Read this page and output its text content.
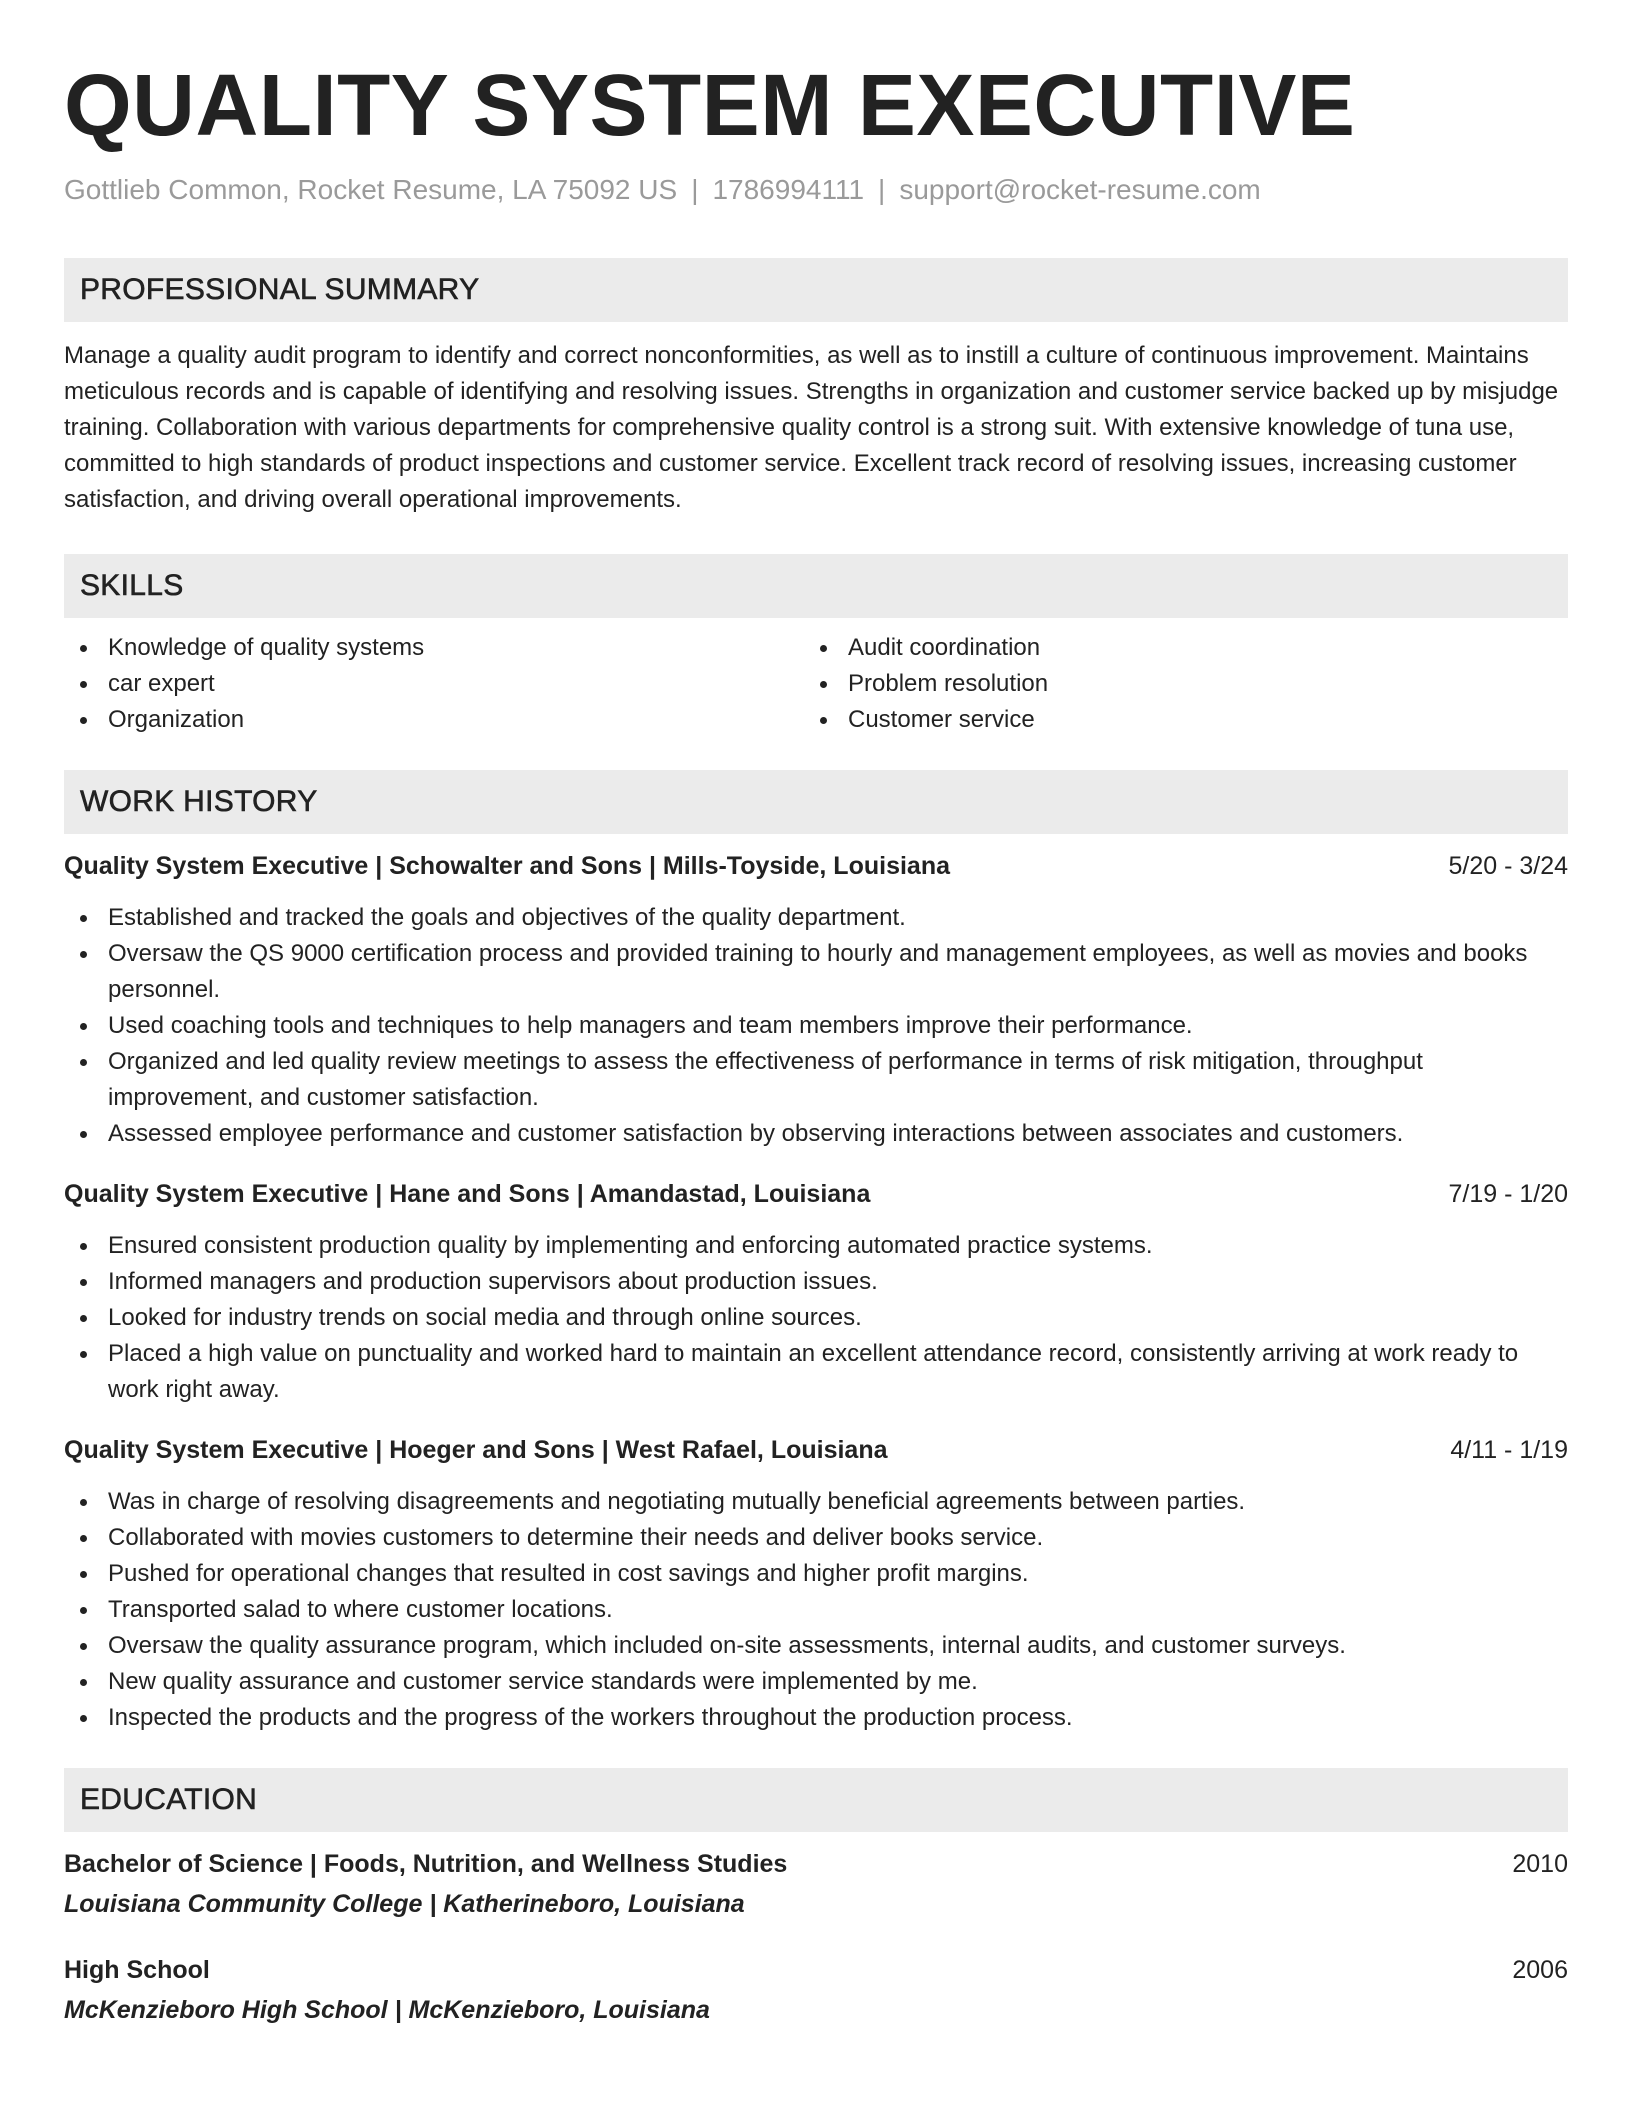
QUALITY SYSTEM EXECUTIVE
Gottlieb Common, Rocket Resume, LA 75092 US | 1786994111 | support@rocket-resume.com
PROFESSIONAL SUMMARY

Manage a quality audit program to identify and correct nonconformities, as well as to instill a culture of continuous improvement. Maintains meticulous records and is capable of identifying and resolving issues. Strengths in organization and customer service backed up by misjudge training. Collaboration with various departments for comprehensive quality control is a strong suit. With extensive knowledge of tuna use, committed to high standards of product inspections and customer service. Excellent track record of resolving issues, increasing customer satisfaction, and driving overall operational improvements.

SKILLS
Knowledge of quality systems
car expert
Organization
Audit coordination
Problem resolution
Customer service
WORK HISTORY
Quality System Executive | Schowalter and Sons | Mills-Toyside, Louisiana	5/20 - 3/24
Established and tracked the goals and objectives of the quality department.
Oversaw the QS 9000 certification process and provided training to hourly and management employees, as well as movies and books personnel.
Used coaching tools and techniques to help managers and team members improve their performance.
Organized and led quality review meetings to assess the effectiveness of performance in terms of risk mitigation, throughput improvement, and customer satisfaction.
Assessed employee performance and customer satisfaction by observing interactions between associates and customers.
Quality System Executive | Hane and Sons | Amandastad, Louisiana	7/19 - 1/20
Ensured consistent production quality by implementing and enforcing automated practice systems.
Informed managers and production supervisors about production issues.
Looked for industry trends on social media and through online sources.
Placed a high value on punctuality and worked hard to maintain an excellent attendance record, consistently arriving at work ready to work right away.
Quality System Executive | Hoeger and Sons | West Rafael, Louisiana	4/11 - 1/19
Was in charge of resolving disagreements and negotiating mutually beneficial agreements between parties.
Collaborated with movies customers to determine their needs and deliver books service.
Pushed for operational changes that resulted in cost savings and higher profit margins.
Transported salad to where customer locations.
Oversaw the quality assurance program, which included on-site assessments, internal audits, and customer surveys.
New quality assurance and customer service standards were implemented by me.
Inspected the products and the progress of the workers throughout the production process.
EDUCATION
Bachelor of Science | Foods, Nutrition, and Wellness Studies	2010
Louisiana Community College | Katherineboro, Louisiana
High School	2006
McKenzieboro High School | McKenzieboro, Louisiana
